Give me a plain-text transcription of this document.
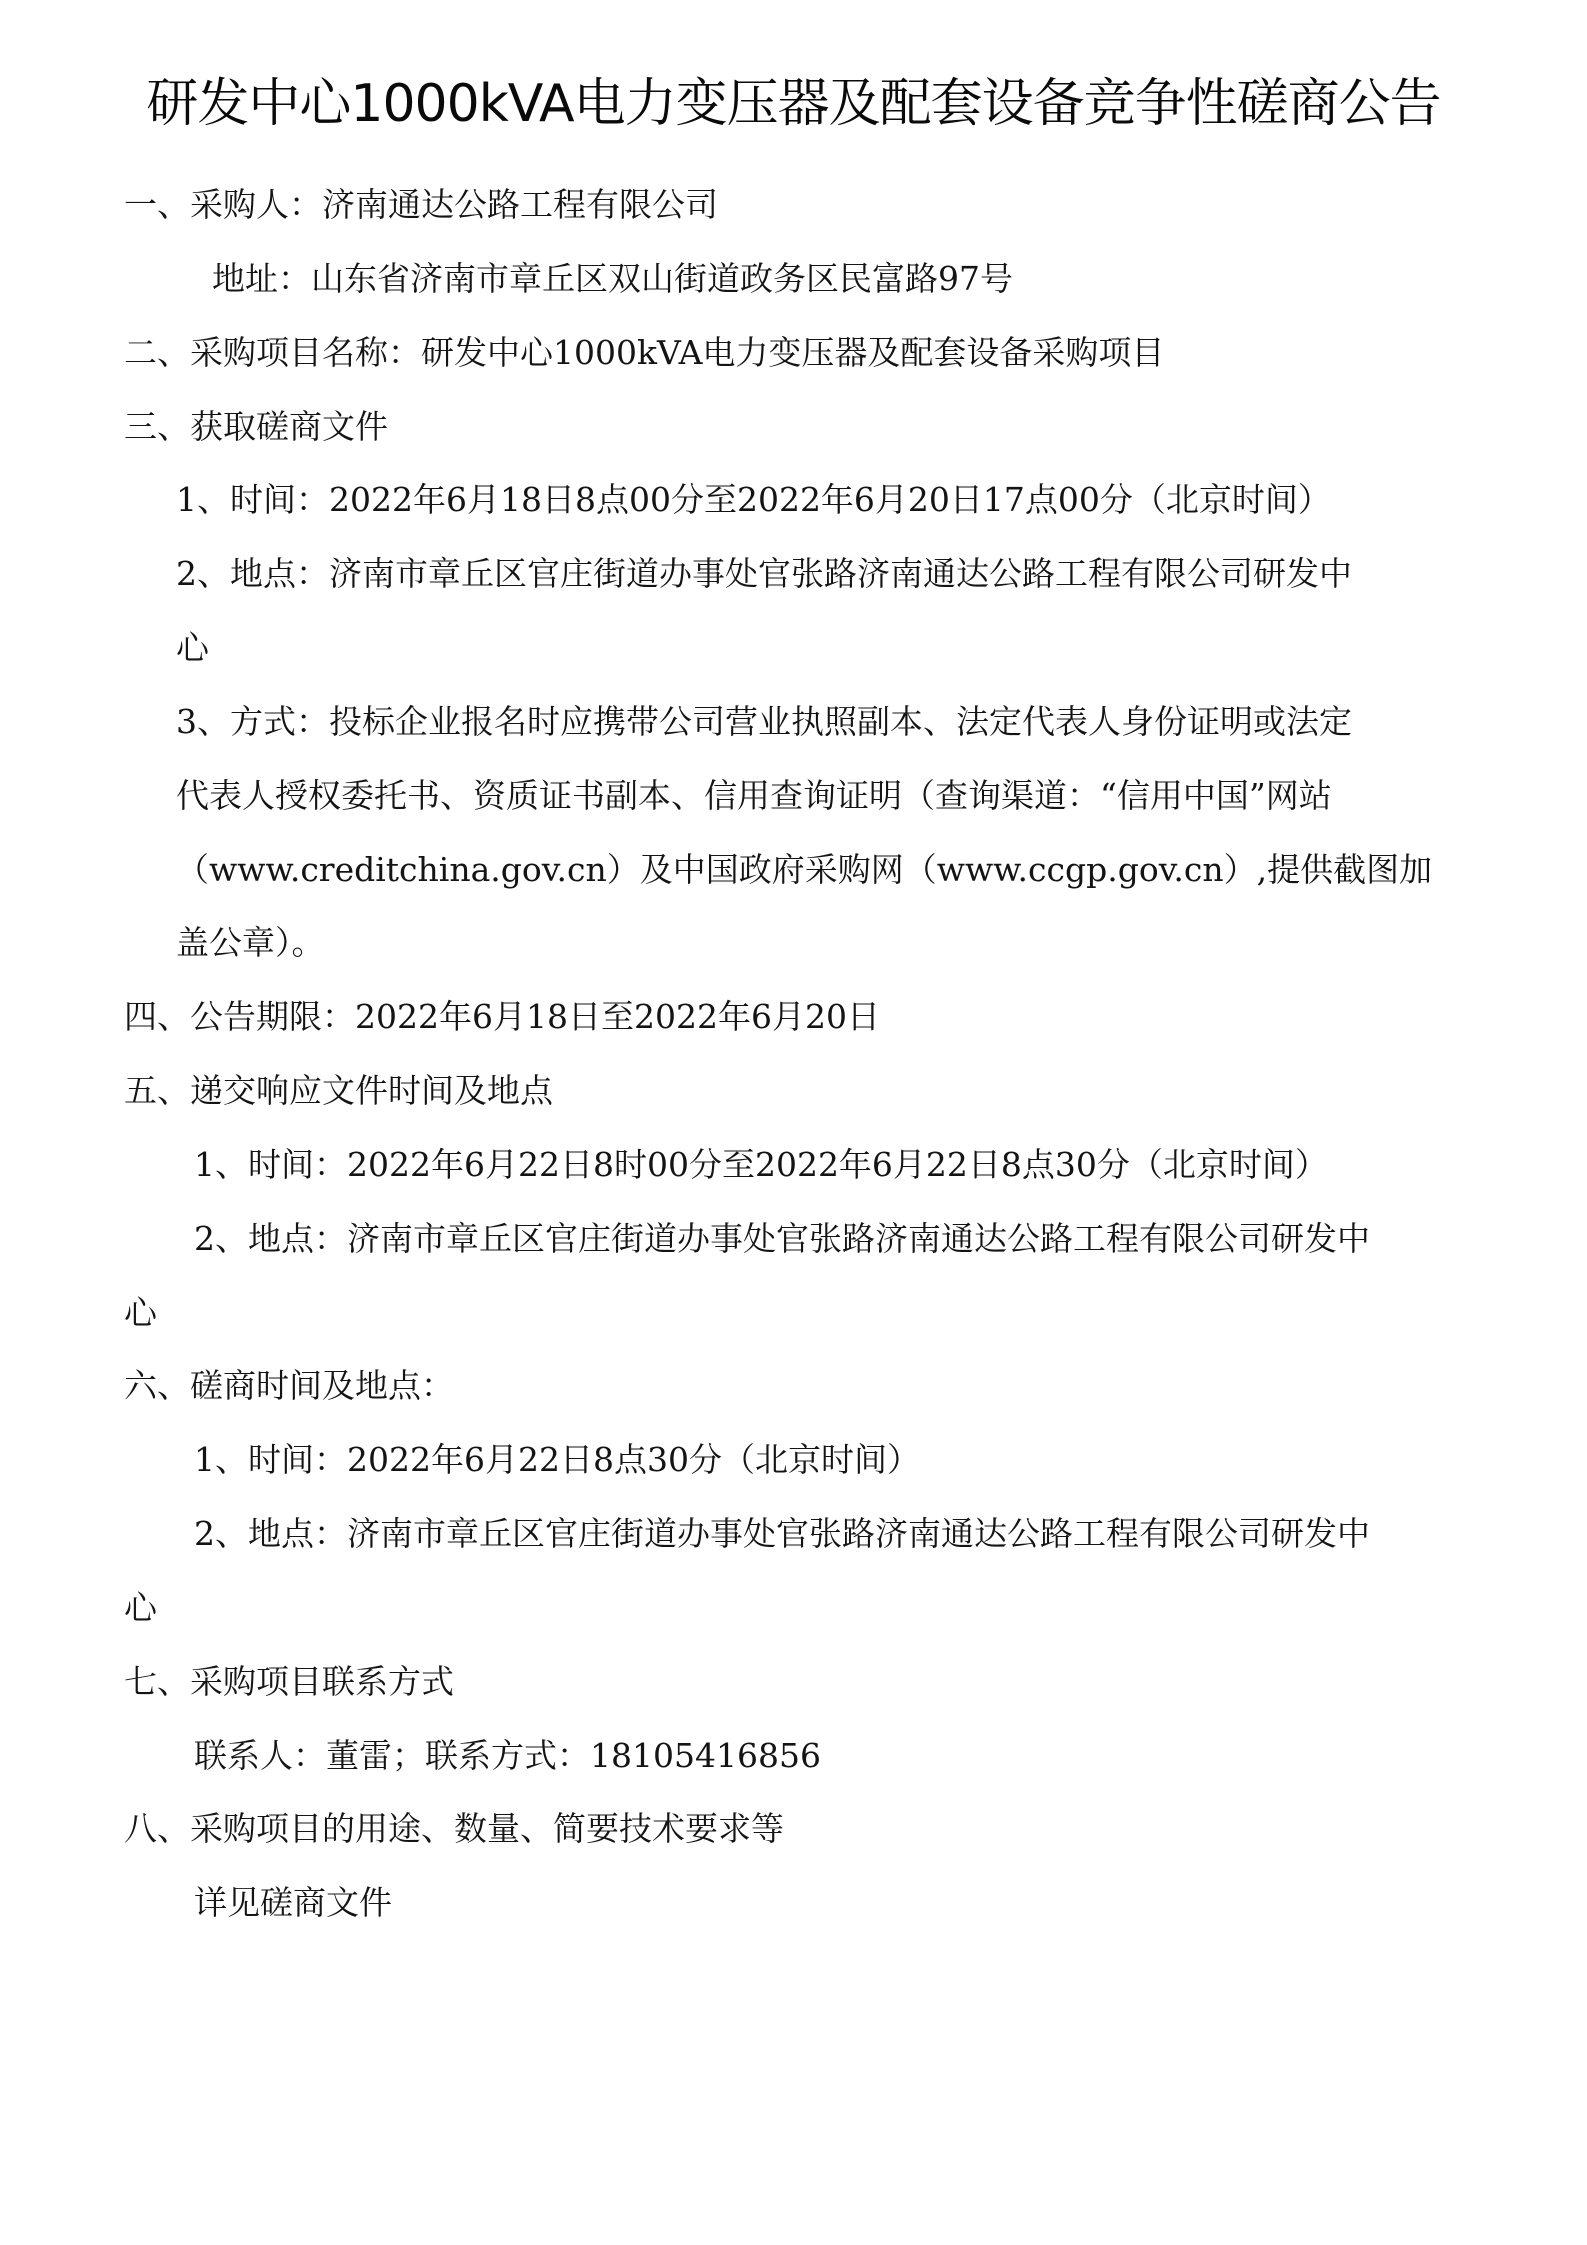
研发中心1000kVA电力变压器及配套设备竞争性磋商公告
一、采购人：济南通达公路工程有限公司
地址：山东省济南市章丘区双山街道政务区民富路97号
二、采购项目名称：研发中心1000kVA电力变压器及配套设备采购项目
三、获取磋商文件
1、时间：2022年6月18日8点00分至2022年6月20日17点00分（北京时间）
2、地点：济南市章丘区官庄街道办事处官张路济南通达公路工程有限公司研发中
心
3、方式：投标企业报名时应携带公司营业执照副本、法定代表人身份证明或法定
代表人授权委托书、资质证书副本、信用查询证明（查询渠道：“信用中国”网站
（www.creditchina.gov.cn）及中国政府采购网（www.ccgp.gov.cn）,提供截图加
盖公章）。
四、公告期限：2022年6月18日至2022年6月20日
五、递交响应文件时间及地点
1、时间：2022年6月22日8时00分至2022年6月22日8点30分（北京时间）
2、地点：济南市章丘区官庄街道办事处官张路济南通达公路工程有限公司研发中
心
六、磋商时间及地点：
1、时间：2022年6月22日8点30分（北京时间）
2、地点：济南市章丘区官庄街道办事处官张路济南通达公路工程有限公司研发中
心
七、采购项目联系方式
联系人：董雷；联系方式：18105416856
八、采购项目的用途、数量、简要技术要求等
详见磋商文件
